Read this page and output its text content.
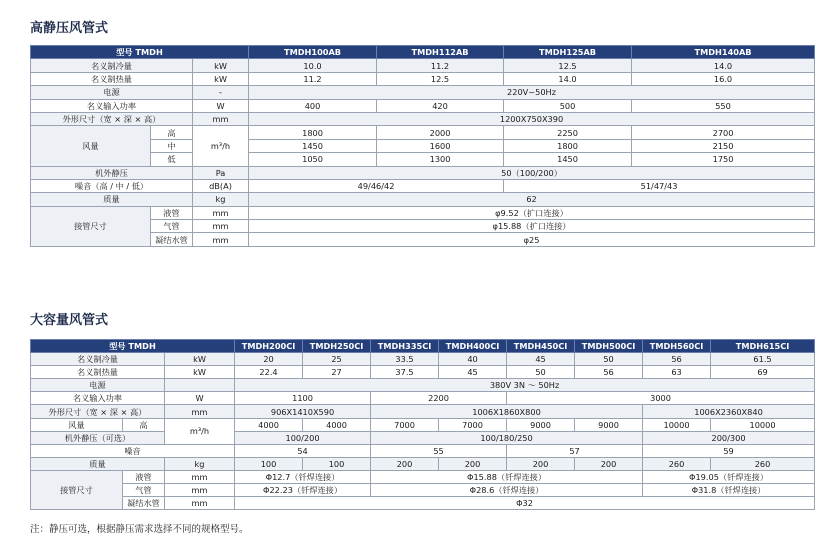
高静压风管式
型号 TMDH			TMDH100AB	TMDH112AB	TMDH125AB	TMDH140AB
名义制冷量		kW	10.0	11.2	12.5	14.0
名义制热量		kW	11.2	12.5	14.0	16.0
电源		-	220V~50Hz			
名义输入功率		W	400	420	500	550
外形尺寸（宽 × 深 × 高）		mm	1200X750X390			
风量	高	m³/h	1800	2000	2250	2700
	中		1450	1600	1800	2150
	低		1050	1300	1450	1750
机外静压		Pa	50（100/200）			
噪音（高 / 中 / 低）		dB(A)	49/46/42		51/47/43	
质量		kg	62			
接管尺寸	液管	mm	φ9.52（扩口连接）			
	气管	mm	φ15.88（扩口连接）			
	凝结水管	mm	φ25			
大容量风管式
型号 TMDH			TMDH200CI	TMDH250CI	TMDH335CI	TMDH400CI	TMDH450CI	TMDH500CI	TMDH560CI	TMDH615CI
名义制冷量		kW	20	25	33.5	40	45	50	56	61.5
名义制热量		kW	22.4	27	37.5	45	50	56	63	69
电源			380V 3N ～ 50Hz							
名义输入功率		W	1100		2200		3000			
外形尺寸（宽 × 深 × 高）		mm	906X1410X590		1006X1860X800				1006X2360X840	
风量	高	m³/h	4000	4000	7000	7000	9000	9000	10000	10000
机外静压（可选）			100/200		100/180/250				200/300	
噪音			54		55		57		59	
质量		kg	100	100	200	200	200	200	260	260
接管尺寸	液管	mm	Φ12.7（钎焊连接）		Φ15.88（钎焊连接）				Φ19.05（钎焊连接）	
	气管	mm	Φ22.23（钎焊连接）		Φ28.6（钎焊连接）				Φ31.8（钎焊连接）	
	凝结水管	mm	Φ32							
注：静压可选，根据静压需求选择不同的规格型号。
